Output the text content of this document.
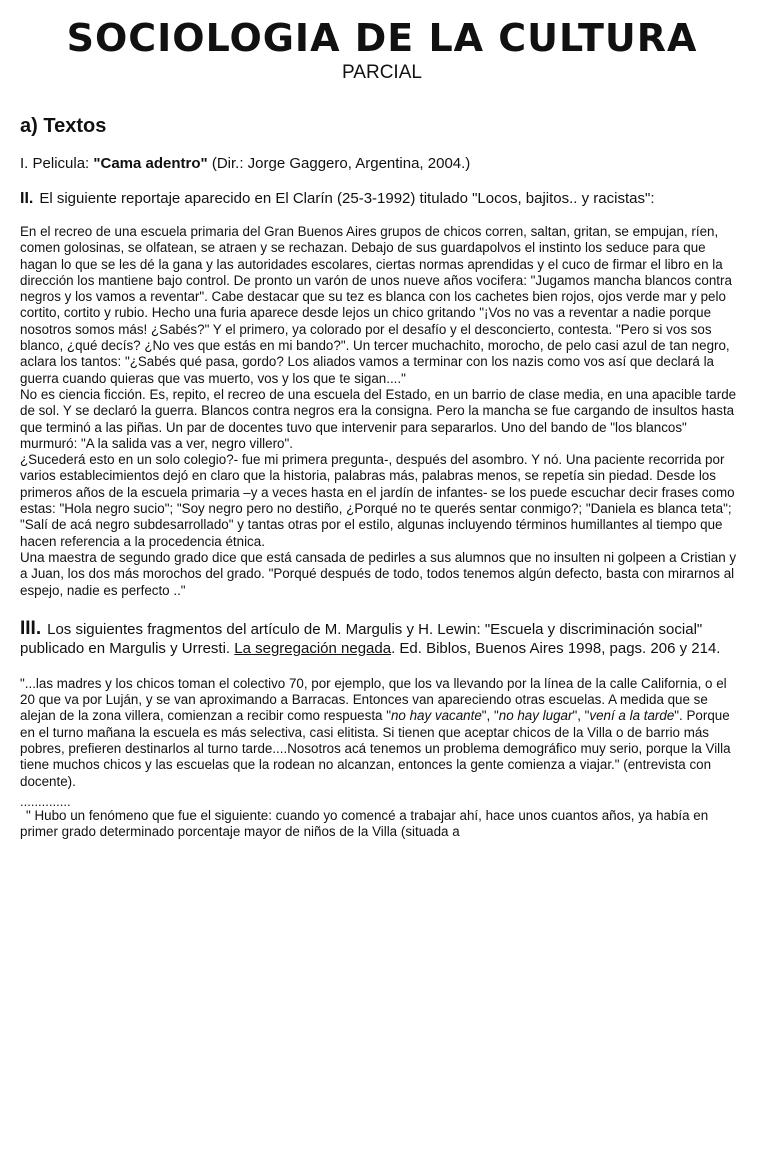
SOCIOLOGIA DE LA CULTURA
PARCIAL
a) Textos
I. Pelicula: "Cama adentro" (Dir.: Jorge Gaggero, Argentina, 2004.)
II. El siguiente reportaje aparecido en El Clarín (25-3-1992) titulado "Locos, bajitos.. y racistas":

En el recreo de una escuela primaria del Gran Buenos Aires grupos de chicos corren, saltan, gritan, se empujan, ríen, comen golosinas, se olfatean, se atraen y se rechazan. Debajo de sus guardapolvos el instinto los seduce para que hagan lo que se les dé la gana y las autoridades escolares, ciertas normas aprendidas y el cuco de firmar el libro en la dirección los mantiene bajo control. De pronto un varón de unos nueve años vocifera: "Jugamos mancha blancos contra negros y los vamos a reventar". Cabe destacar que su tez es blanca con los cachetes bien rojos, ojos verde mar y pelo cortito, cortito y rubio. Hecho una furia aparece desde lejos un chico gritando "¡Vos no vas a reventar a nadie porque nosotros somos más! ¿Sabés?" Y el primero, ya colorado por el desafío y el desconcierto, contesta. "Pero si vos sos blanco, ¿qué decís? ¿No ves que estás en mi bando?". Un tercer muchachito, morocho, de pelo casi azul de tan negro, aclara los tantos: "¿Sabés qué pasa, gordo? Los aliados vamos a terminar con los nazis como vos así que declará la guerra cuando quieras que vas muerto, vos y los que te sigan...."

No es ciencia ficción. Es, repito, el recreo de una escuela del Estado, en un barrio de clase media, en una apacible tarde de sol. Y se declaró la guerra. Blancos contra negros era la consigna. Pero la mancha se fue cargando de insultos hasta que terminó a las piñas. Un par de docentes tuvo que intervenir para separarlos. Uno del bando de "los blancos" murmuró: "A la salida vas a ver, negro villero".

¿Sucederá esto en un solo colegio?- fue mi primera pregunta-, después del asombro. Y nó. Una paciente recorrida por varios establecimientos dejó en claro que la historia, palabras más, palabras menos, se repetía sin piedad. Desde los primeros años de la escuela primaria –y a veces hasta en el jardín de infantes- se los puede escuchar decir frases como estas: "Hola negro sucio"; "Soy negro pero no destiño, ¿Porqué no te querés sentar conmigo?; "Daniela es blanca teta"; "Salí de acá negro subdesarrollado" y tantas otras por el estilo, algunas incluyendo términos humillantes al tiempo que hacen referencia a la procedencia étnica.

Una maestra de segundo grado dice que está cansada de pedirles a sus alumnos que no insulten ni golpeen a Cristian y a Juan, los dos más morochos del grado. "Porqué después de todo, todos tenemos algún defecto, basta con mirarnos al espejo, nadie es perfecto .."

III. Los siguientes fragmentos del artículo de M. Margulis y H. Lewin: "Escuela y discriminación social" publicado en Margulis y Urresti. La segregación negada. Ed. Biblos, Buenos Aires 1998, pags. 206 y 214.

"...las madres y los chicos toman el colectivo 70, por ejemplo, que los va llevando por la línea de la calle California, o el 20 que va por Luján, y se van aproximando a Barracas. Entonces van apareciendo otras escuelas. A medida que se alejan de la zona villera, comienzan a recibir como respuesta "no hay vacante", "no hay lugar", "vení a la tarde". Porque en el turno mañana la escuela es más selectiva, casi elitista. Si tienen que aceptar chicos de la Villa o de barrio más pobres, prefieren destinarlos al turno tarde....Nosotros acá tenemos un problema demográfico muy serio, porque la Villa tiene muchos chicos y las escuelas que la rodean no alcanzan, entonces la gente comienza a viajar." (entrevista con docente).

..............

" Hubo un fenómeno que fue el siguiente: cuando yo comencé a trabajar ahí, hace unos cuantos años, ya había en primer grado determinado porcentaje mayor de niños de la Villa (situada a
